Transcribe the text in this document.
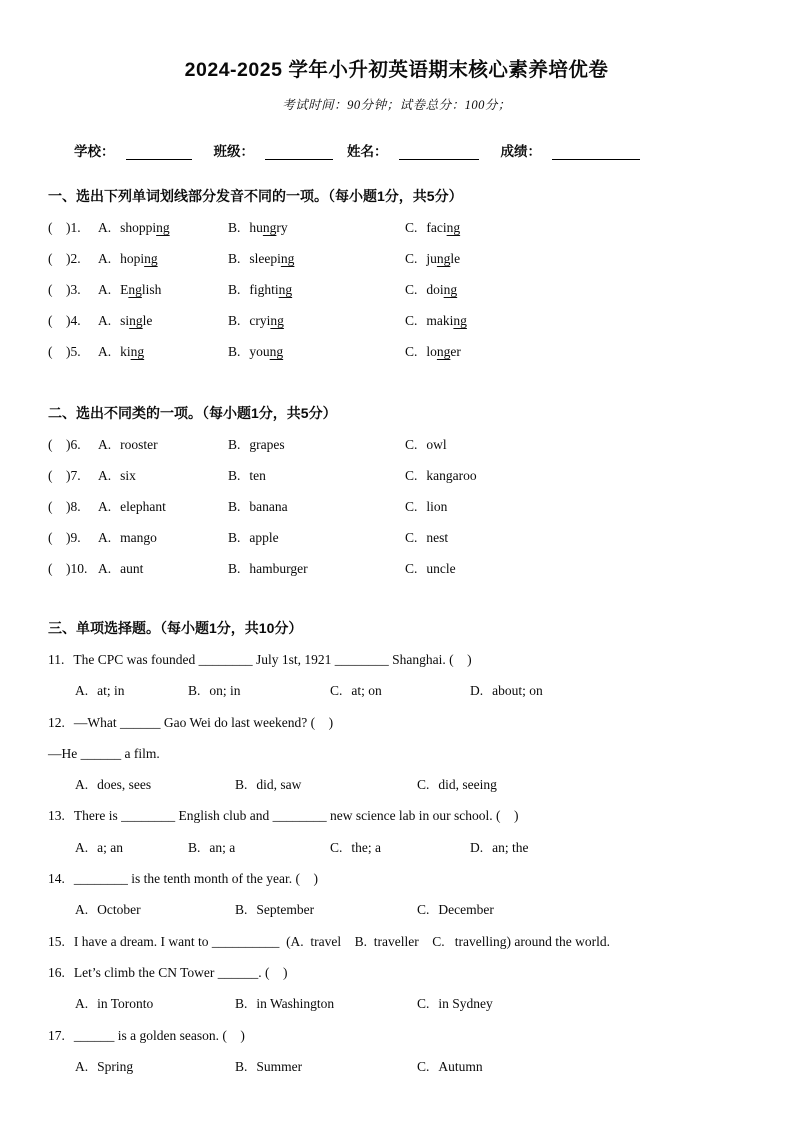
2024-2025 学年小升初英语期末核心素养培优卷
考试时间：90分钟；试卷总分：100分；
学校：	班级：	姓名：	成绩：
一、选出下列单词划线部分发音不同的一项。（每小题1分，共5分）
(    )1.	A. shopping	B. hungry	C. facing
(    )2.	A. hoping	B. sleeping	C. jungle
(    )3.	A. English	B. fighting	C. doing
(    )4.	A. single	B. crying	C. making
(    )5.	A. king	B. young	C. longer
二、选出不同类的一项。（每小题1分，共5分）
(    )6.	A. rooster	B. grapes	C. owl
(    )7.	A. six	B. ten	C. kangaroo
(    )8.	A. elephant	B. banana	C. lion
(    )9.	A. mango	B. apple	C. nest
(    )10. A. aunt	B. hamburger	C. uncle
三、单项选择题。（每小题1分，共10分）
11. The CPC was founded ________ July 1st, 1921 ________ Shanghai. (    )
A. at; in	B. on; in	C. at; on	D. about; on
12. —What ______ Gao Wei do last weekend? (    )
—He ______ a film.
A. does, sees	B. did, saw	C. did, seeing
13. There is ________ English club and ________ new science lab in our school. (    )
A. a; an	B. an; a	C. the; a	D. an; the
14. ________ is the tenth month of the year. (    )
A. October	B. September	C. December
15. I have a dream. I want to __________  (A.  travel    B.  traveller    C.   travelling) around the world.
16. Let’s climb the CN Tower ______. (    )
A. in Toronto	B. in Washington	C. in Sydney
17. ______ is a golden season. (    )
A. Spring	B. Summer	C. Autumn
